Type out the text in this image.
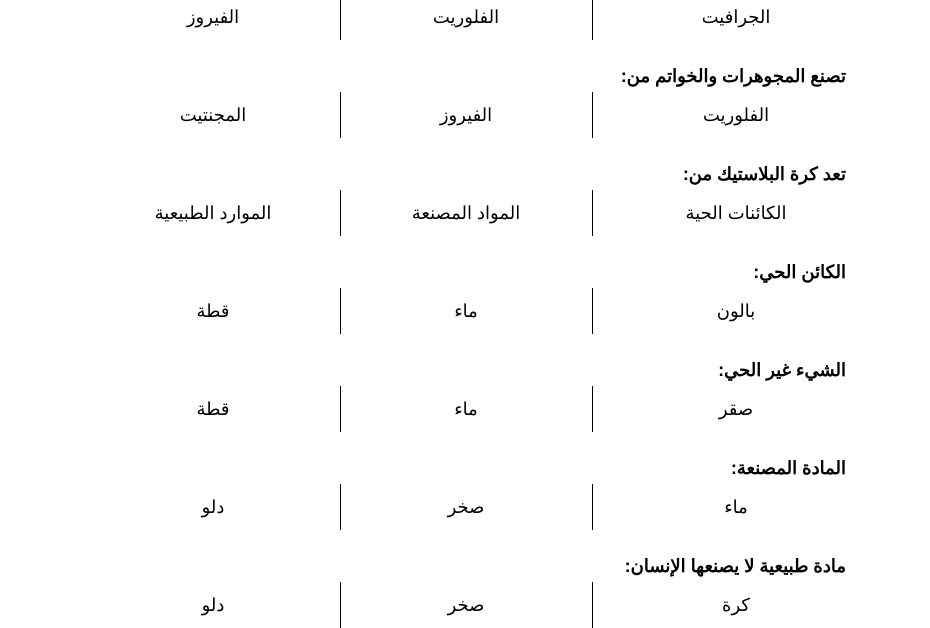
الجرافيت
الفلوريت
الفيروز
تصنع المجوهرات والخواتم من:
الفلوريت
الفيروز
المجنتيت
تعد كرة البلاستيك من:
الكائنات الحية
المواد المصنعة
الموارد الطبيعية
الكائن الحي:
بالون
ماء
قطة
الشيء غير الحي:
صقر
ماء
قطة
المادة المصنعة:
ماء
صخر
دلو
مادة طبيعية لا يصنعها الإنسان:
كرة
صخر
دلو
